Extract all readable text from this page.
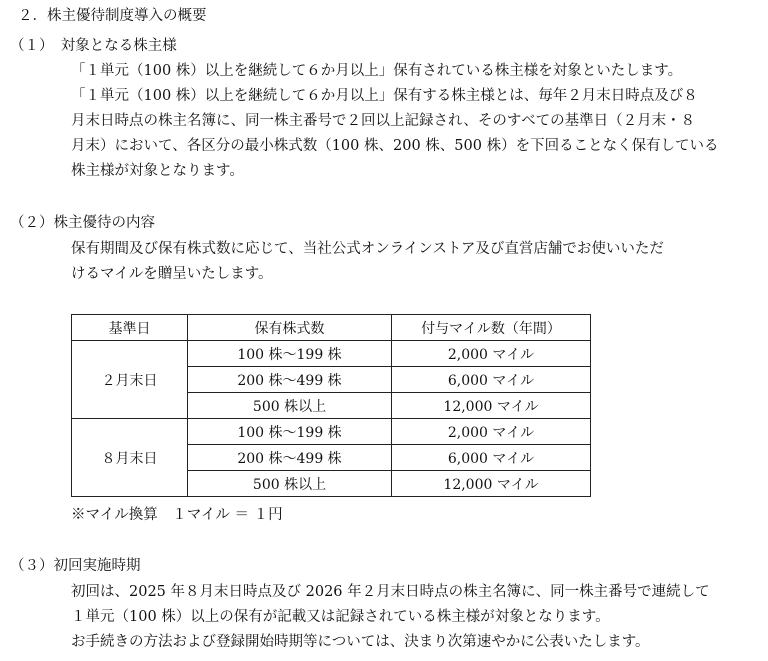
２．株主優待制度導入の概要
（１）　対象となる株主様
「１単元（100 株）以上を継続して６か月以上」保有されている株主様を対象といたします。
「１単元（100 株）以上を継続して６か月以上」保有する株主様とは、毎年２月末日時点及び８
月末日時点の株主名簿に、同一株主番号で２回以上記録され、そのすべての基準日（２月末・８
月末）において、各区分の最小株式数（100 株、200 株、500 株）を下回ることなく保有している
株主様が対象となります。
（２）株主優待の内容
保有期間及び保有株式数に応じて、当社公式オンラインストア及び直営店舗でお使いいただ
けるマイルを贈呈いたします。
基準日	保有株式数	付与マイル数（年間）
２月末日	100 株～199 株	2,000 マイル
	200 株～499 株	6,000 マイル
	500 株以上	12,000 マイル
８月末日	100 株～199 株	2,000 マイル
	200 株～499 株	6,000 マイル
	500 株以上	12,000 マイル
※マイル換算　１マイル ＝ １円
（３）初回実施時期
初回は、2025 年８月末日時点及び 2026 年２月末日時点の株主名簿に、同一株主番号で連続して
１単元（100 株）以上の保有が記載又は記録されている株主様が対象となります。
お手続きの方法および登録開始時期等については、決まり次第速やかに公表いたします。
